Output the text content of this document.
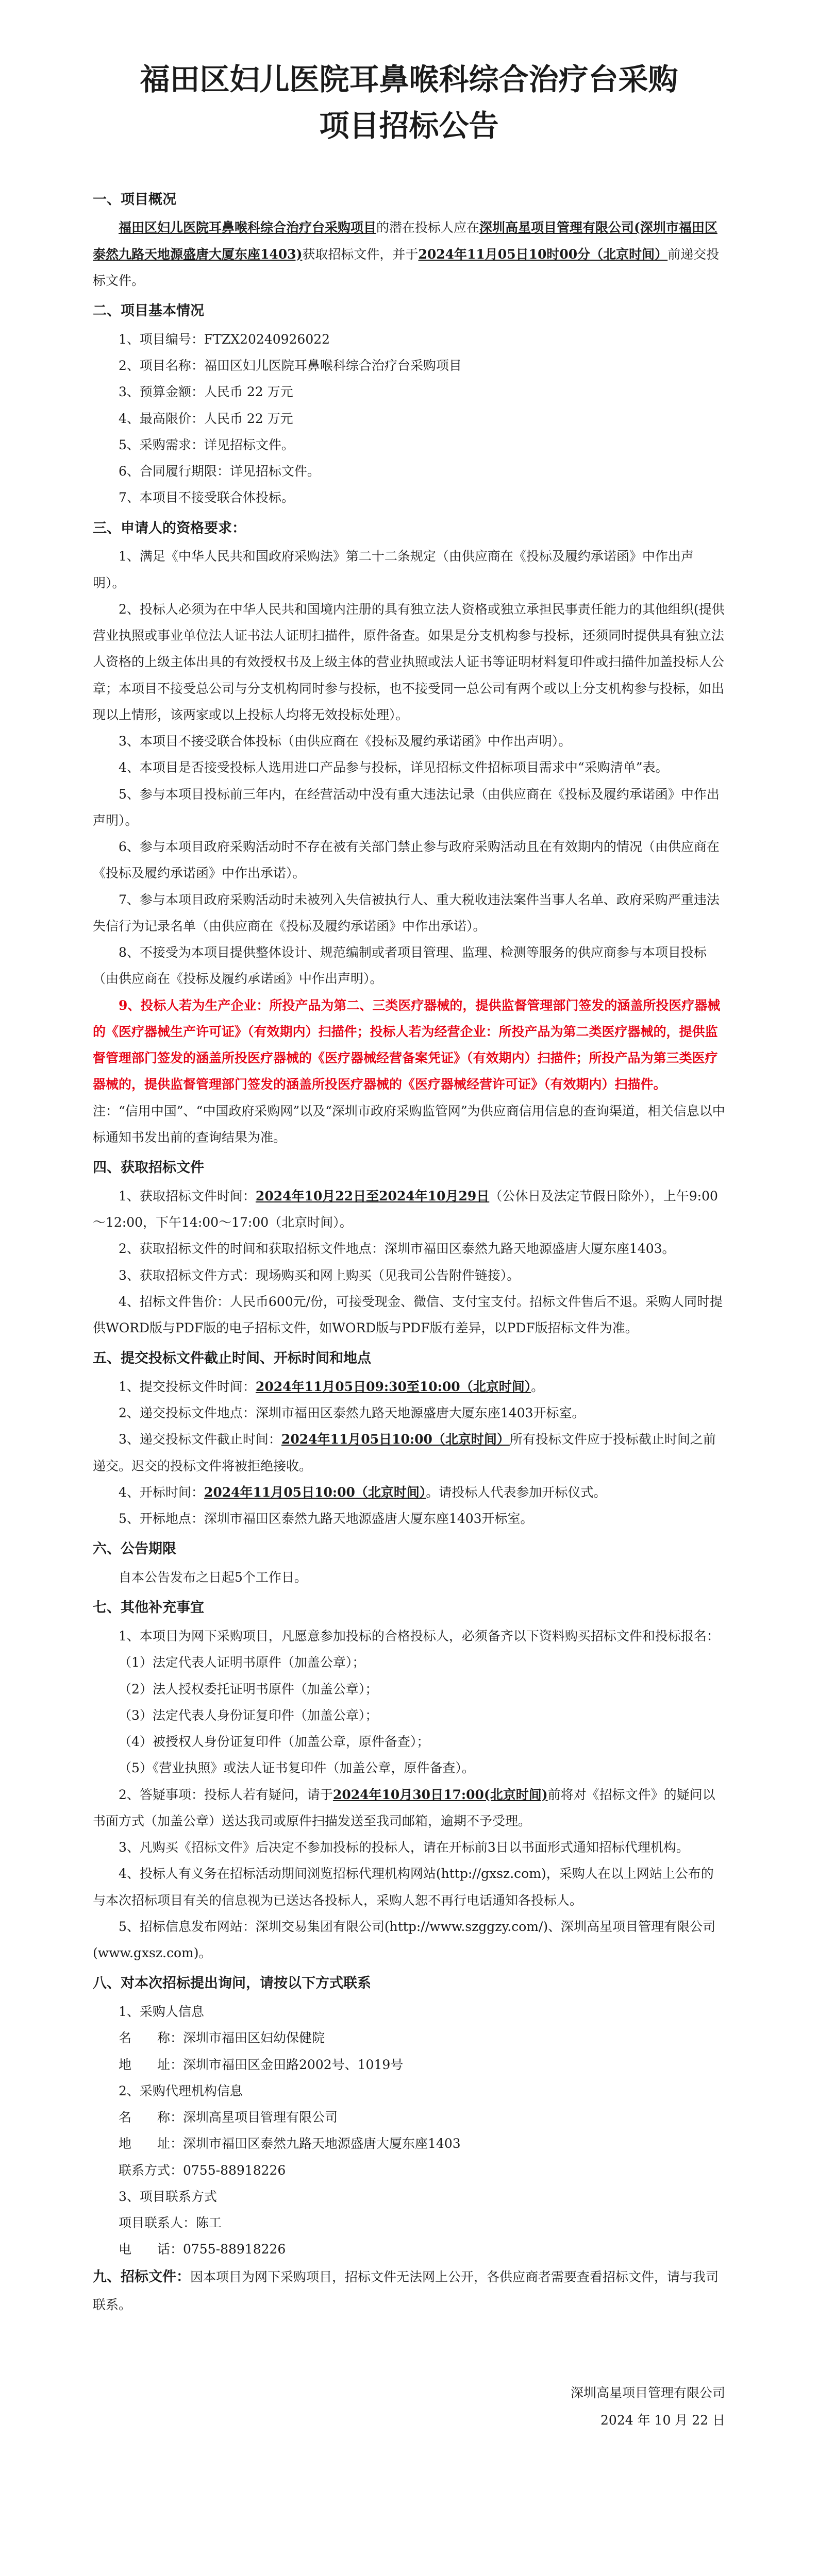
福田区妇儿医院耳鼻喉科综合治疗台采购
项目招标公告
一、项目概况

福田区妇儿医院耳鼻喉科综合治疗台采购项目的潜在投标人应在深圳高星项目管理有限公司(深圳市福田区泰然九路天地源盛唐大厦东座1403)获取招标文件，并于2024年11月05日10时00分（北京时间）前递交投标文件。

二、项目基本情况

1、项目编号：FTZX20240926022

2、项目名称：福田区妇儿医院耳鼻喉科综合治疗台采购项目

3、预算金额：人民币 22 万元

4、最高限价：人民币 22 万元

5、采购需求：详见招标文件。

6、合同履行期限：详见招标文件。

7、本项目不接受联合体投标。

三、申请人的资格要求：

1、满足《中华人民共和国政府采购法》第二十二条规定（由供应商在《投标及履约承诺函》中作出声明）。

2、投标人必须为在中华人民共和国境内注册的具有独立法人资格或独立承担民事责任能力的其他组织(提供营业执照或事业单位法人证书法人证明扫描件，原件备查。如果是分支机构参与投标，还须同时提供具有独立法人资格的上级主体出具的有效授权书及上级主体的营业执照或法人证书等证明材料复印件或扫描件加盖投标人公章；本项目不接受总公司与分支机构同时参与投标，也不接受同一总公司有两个或以上分支机构参与投标，如出现以上情形，该两家或以上投标人均将无效投标处理）。

3、本项目不接受联合体投标（由供应商在《投标及履约承诺函》中作出声明）。

4、本项目是否接受投标人选用进口产品参与投标，详见招标文件招标项目需求中“采购清单”表。

5、参与本项目投标前三年内，在经营活动中没有重大违法记录（由供应商在《投标及履约承诺函》中作出声明）。

6、参与本项目政府采购活动时不存在被有关部门禁止参与政府采购活动且在有效期内的情况（由供应商在《投标及履约承诺函》中作出承诺）。

7、参与本项目政府采购活动时未被列入失信被执行人、重大税收违法案件当事人名单、政府采购严重违法失信行为记录名单（由供应商在《投标及履约承诺函》中作出承诺）。

8、不接受为本项目提供整体设计、规范编制或者项目管理、监理、检测等服务的供应商参与本项目投标（由供应商在《投标及履约承诺函》中作出声明）。

9、投标人若为生产企业：所投产品为第二、三类医疗器械的，提供监督管理部门签发的涵盖所投医疗器械的《医疗器械生产许可证》（有效期内）扫描件；投标人若为经营企业：所投产品为第二类医疗器械的，提供监督管理部门签发的涵盖所投医疗器械的《医疗器械经营备案凭证》（有效期内）扫描件；所投产品为第三类医疗器械的，提供监督管理部门签发的涵盖所投医疗器械的《医疗器械经营许可证》（有效期内）扫描件。

注：“信用中国”、“中国政府采购网”以及“深圳市政府采购监管网”为供应商信用信息的查询渠道，相关信息以中标通知书发出前的查询结果为准。

四、获取招标文件

1、获取招标文件时间：2024年10月22日至2024年10月29日（公休日及法定节假日除外），上午9:00～12:00，下午14:00～17:00（北京时间）。

2、获取招标文件的时间和获取招标文件地点：深圳市福田区泰然九路天地源盛唐大厦东座1403。

3、获取招标文件方式：现场购买和网上购买（见我司公告附件链接）。

4、招标文件售价：人民币600元/份，可接受现金、微信、支付宝支付。招标文件售后不退。采购人同时提供WORD版与PDF版的电子招标文件，如WORD版与PDF版有差异，以PDF版招标文件为准。

五、提交投标文件截止时间、开标时间和地点

1、提交投标文件时间：2024年11月05日09:30至10:00（北京时间）。

2、递交投标文件地点：深圳市福田区泰然九路天地源盛唐大厦东座1403开标室。

3、递交投标文件截止时间：2024年11月05日10:00（北京时间）所有投标文件应于投标截止时间之前递交。迟交的投标文件将被拒绝接收。

4、开标时间：2024年11月05日10:00（北京时间）。请投标人代表参加开标仪式。

5、开标地点：深圳市福田区泰然九路天地源盛唐大厦东座1403开标室。

六、公告期限

自本公告发布之日起5个工作日。

七、其他补充事宜

1、本项目为网下采购项目，凡愿意参加投标的合格投标人，必须备齐以下资料购买招标文件和投标报名：

（1）法定代表人证明书原件（加盖公章）；

（2）法人授权委托证明书原件（加盖公章）；

（3）法定代表人身份证复印件（加盖公章）；

（4）被授权人身份证复印件（加盖公章，原件备查）；

（5）《营业执照》或法人证书复印件（加盖公章，原件备查）。

2、答疑事项：投标人若有疑问，请于2024年10月30日17:00(北京时间)前将对《招标文件》的疑问以书面方式（加盖公章）送达我司或原件扫描发送至我司邮箱，逾期不予受理。

3、凡购买《招标文件》后决定不参加投标的投标人，请在开标前3日以书面形式通知招标代理机构。

4、投标人有义务在招标活动期间浏览招标代理机构网站(http://gxsz.com)，采购人在以上网站上公布的与本次招标项目有关的信息视为已送达各投标人，采购人恕不再行电话通知各投标人。

5、招标信息发布网站：深圳交易集团有限公司(http://www.szggzy.com/)、深圳高星项目管理有限公司(www.gxsz.com)。

八、对本次招标提出询问，请按以下方式联系

1、采购人信息

名　　称：深圳市福田区妇幼保健院

地　　址：深圳市福田区金田路2002号、1019号

2、采购代理机构信息

名　　称：深圳高星项目管理有限公司

地　　址：深圳市福田区泰然九路天地源盛唐大厦东座1403

联系方式：0755-88918226

3、项目联系方式

项目联系人：陈工

电　　话：0755-88918226

九、招标文件：因本项目为网下采购项目，招标文件无法网上公开，各供应商者需要查看招标文件，请与我司联系。

深圳高星项目管理有限公司
2024 年 10 月 22 日
